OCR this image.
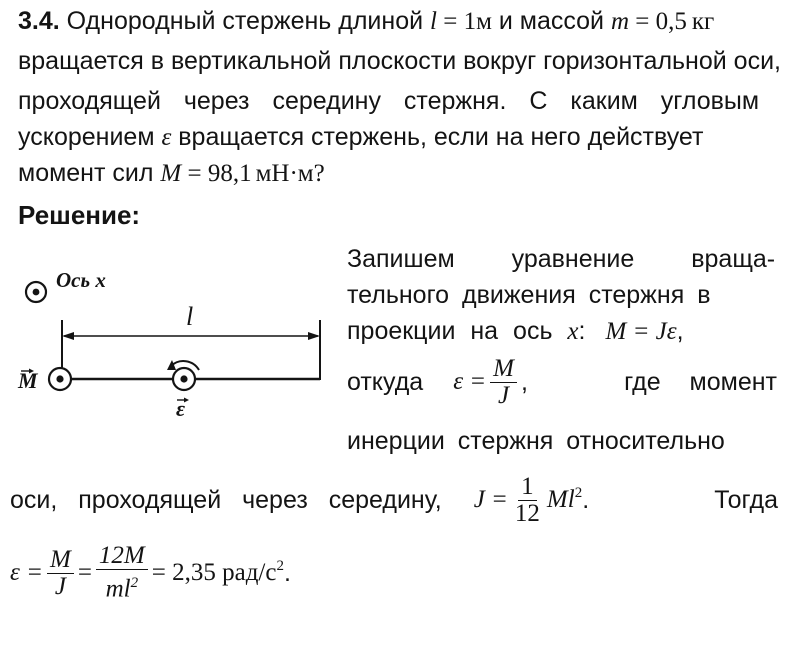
3.4. Однородный стержень длиной l = 1м и массой m = 0,5 кг
вращается в вертикальной плоскости вокруг горизонтальной оси,
проходящей через середину стержня. С каким угловым
ускорением ε вращается стержень, если на него действует
момент сил M = 98,1 мН·м?
Решение:
Ось x
l
M
ε
Запишем уравнение враща-
тельного движения стержня в
проекции на ось x: M = Jε,
откуда $\varepsilon = \frac{M}{J}$ ,	где момент
инерции стержня относительно
оси, проходящей через середину, $J = \frac{1}{12} Ml^2$ .	Тогда
$\varepsilon = \frac{M}{J} = \frac{12M}{ml^2} = 2,35$ рад/$с^2$ .
